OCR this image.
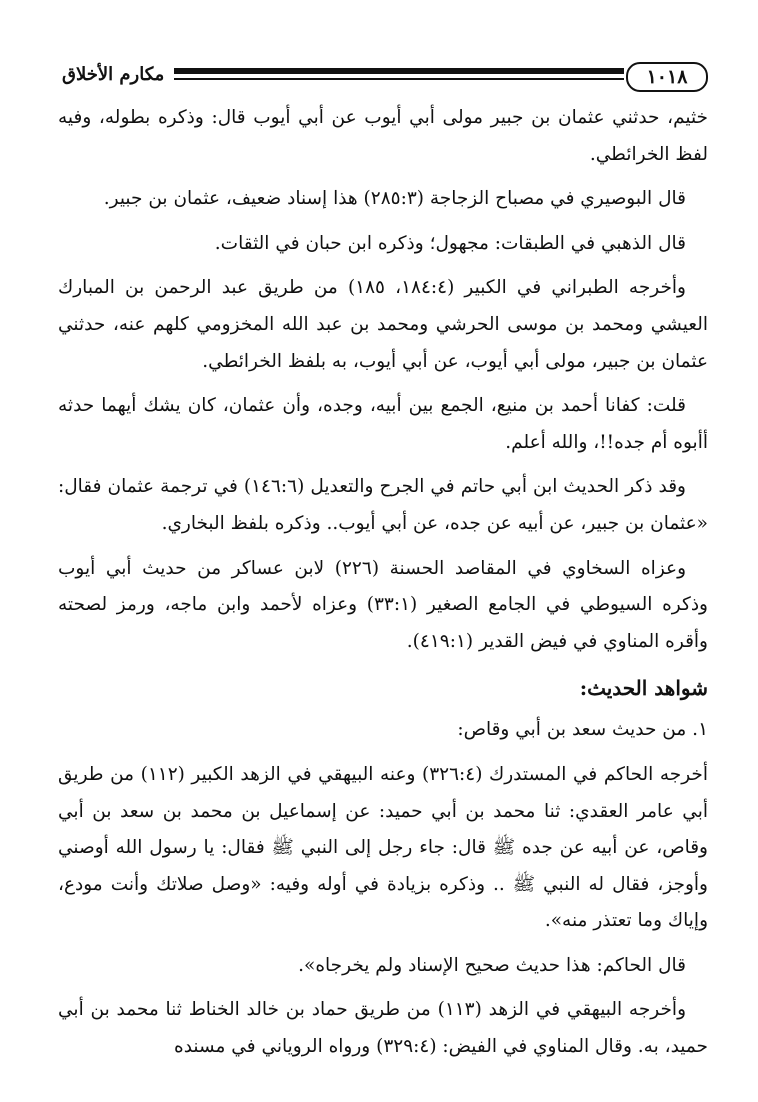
١٠١٨
مكارم الأخلاق

خثيم، حدثني عثمان بن جبير مولى أبي أيوب عن أبي أيوب قال: وذكره بطوله، وفيه لفظ الخرائطي.

قال البوصيري في مصباح الزجاجة (٢٨٥:٣) هذا إسناد ضعيف، عثمان بن جبير.

قال الذهبي في الطبقات: مجهول؛ وذكره ابن حبان في الثقات.

وأخرجه الطبراني في الكبير (١٨٤:٤، ١٨٥) من طريق عبد الرحمن بن المبارك العيشي ومحمد بن موسى الحرشي ومحمد بن عبد الله المخزومي كلهم عنه، حدثني عثمان بن جبير، مولى أبي أيوب، عن أبي أيوب، به بلفظ الخرائطي.

قلت: كفانا أحمد بن منيع، الجمع بين أبيه، وجده، وأن عثمان، كان يشك أيهما حدثه أأبوه أم جده!!، والله أعلم.

وقد ذكر الحديث ابن أبي حاتم في الجرح والتعديل (١٤٦:٦) في ترجمة عثمان فقال: «عثمان بن جبير، عن أبيه عن جده، عن أبي أيوب.. وذكره بلفظ البخاري.

وعزاه السخاوي في المقاصد الحسنة (٢٢٦) لابن عساكر من حديث أبي أيوب وذكره السيوطي في الجامع الصغير (٣٣:١) وعزاه لأحمد وابن ماجه، ورمز لصحته وأقره المناوي في فيض القدير (٤١٩:١).

شواهد الحديث:

١. من حديث سعد بن أبي وقاص:

أخرجه الحاكم في المستدرك (٣٢٦:٤) وعنه البيهقي في الزهد الكبير (١١٢) من طريق أبي عامر العقدي: ثنا محمد بن أبي حميد: عن إسماعيل بن محمد بن سعد بن أبي وقاص، عن أبيه عن جده ﷺ قال: جاء رجل إلى النبي ﷺ فقال: يا رسول الله أوصني وأوجز، فقال له النبي ﷺ .. وذكره بزيادة في أوله وفيه: «وصل صلاتك وأنت مودع، وإياك وما تعتذر منه».

قال الحاكم: هذا حديث صحيح الإسناد ولم يخرجاه».

وأخرجه البيهقي في الزهد (١١٣) من طريق حماد بن خالد الخناط ثنا محمد بن أبي حميد، به. وقال المناوي في الفيض: (٣٢٩:٤) ورواه الروياني في مسنده
